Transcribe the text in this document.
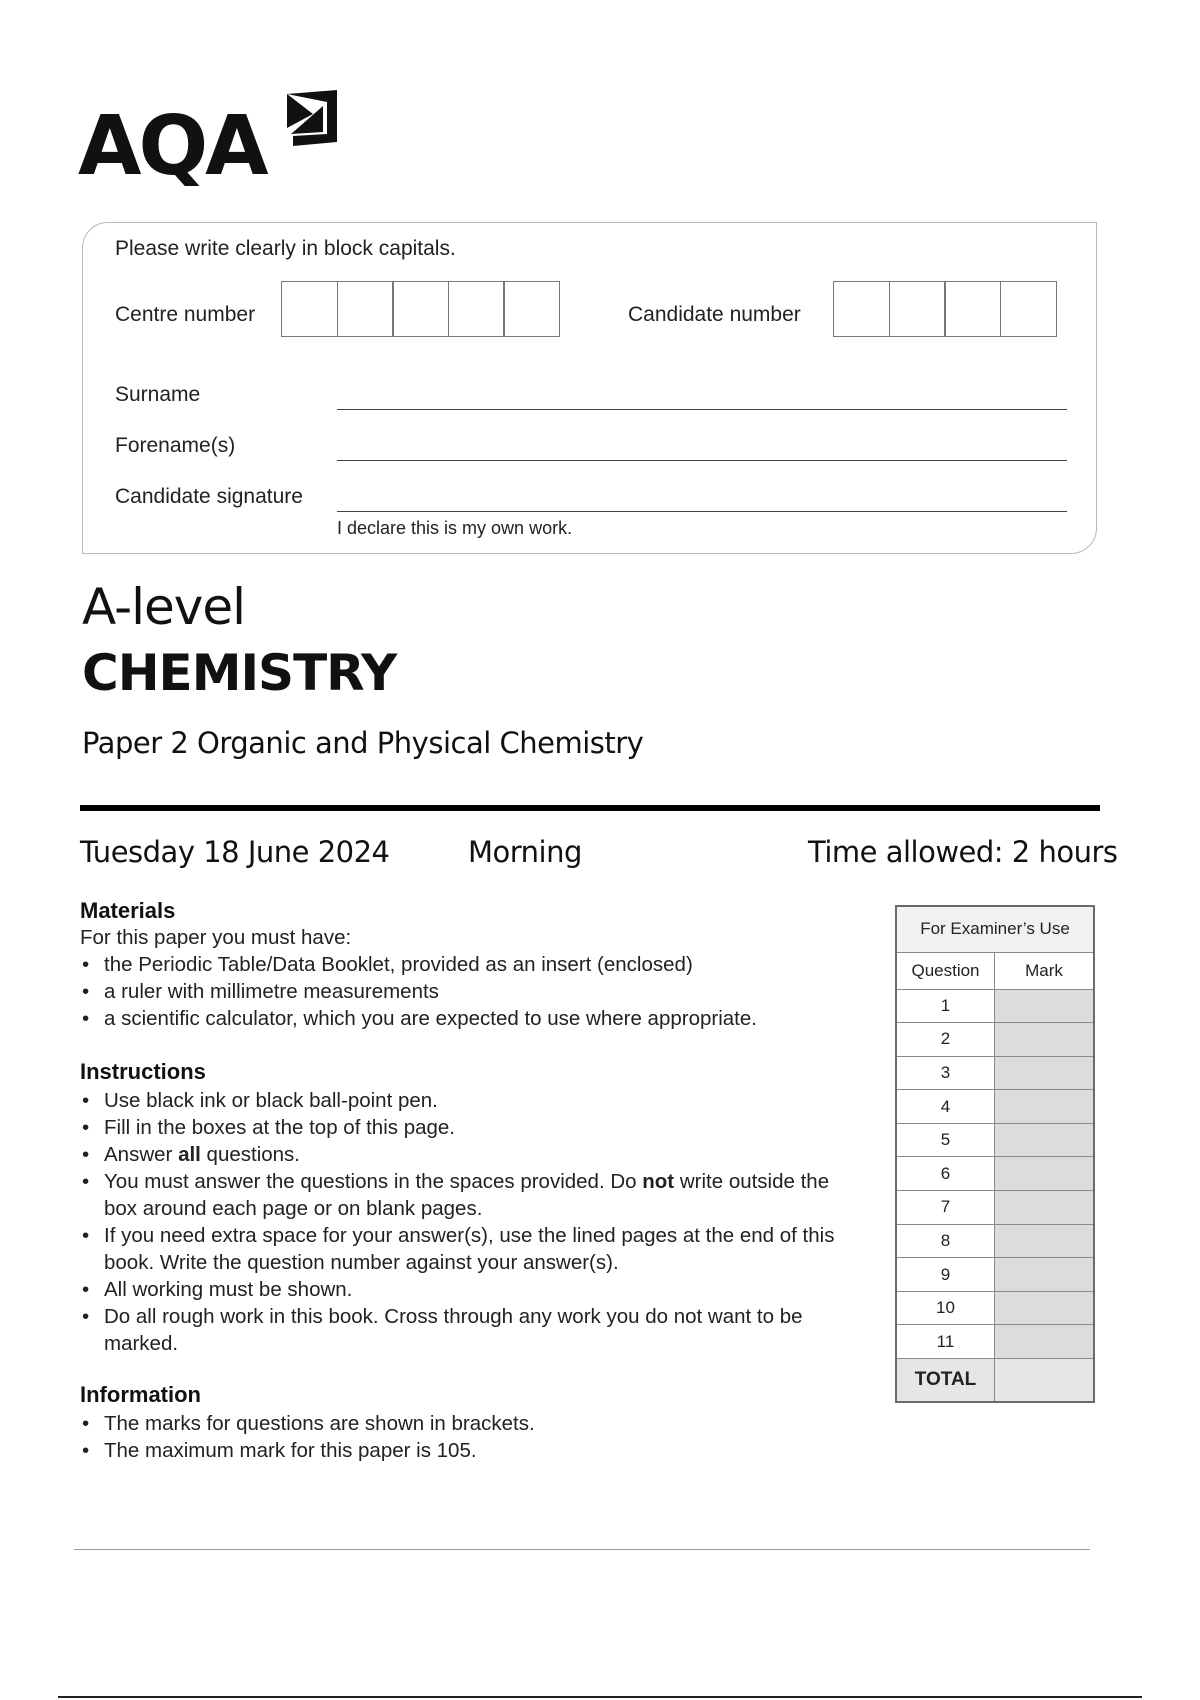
AQA
Please write clearly in block capitals.
Centre number	Candidate number
Surname
Forename(s)
Candidate signature
I declare this is my own work.
A-level
CHEMISTRY
Paper 2 Organic and Physical Chemistry
Tuesday 18 June 2024	Morning	Time allowed: 2 hours
Materials
For this paper you must have:
• the Periodic Table/Data Booklet, provided as an insert (enclosed)
• a ruler with millimetre measurements
• a scientific calculator, which you are expected to use where appropriate.
Instructions
• Use black ink or black ball-point pen.
• Fill in the boxes at the top of this page.
• Answer all questions.
• You must answer the questions in the spaces provided. Do not write outside the box around each page or on blank pages.
• If you need extra space for your answer(s), use the lined pages at the end of this book. Write the question number against your answer(s).
• All working must be shown.
• Do all rough work in this book. Cross through any work you do not want to be marked.
Information
• The marks for questions are shown in brackets.
• The maximum mark for this paper is 105.
For Examiner’s Use	
Question	Mark
1	
2	
3	
4	
5	
6	
7	
8	
9	
10	
11	
TOTAL	
